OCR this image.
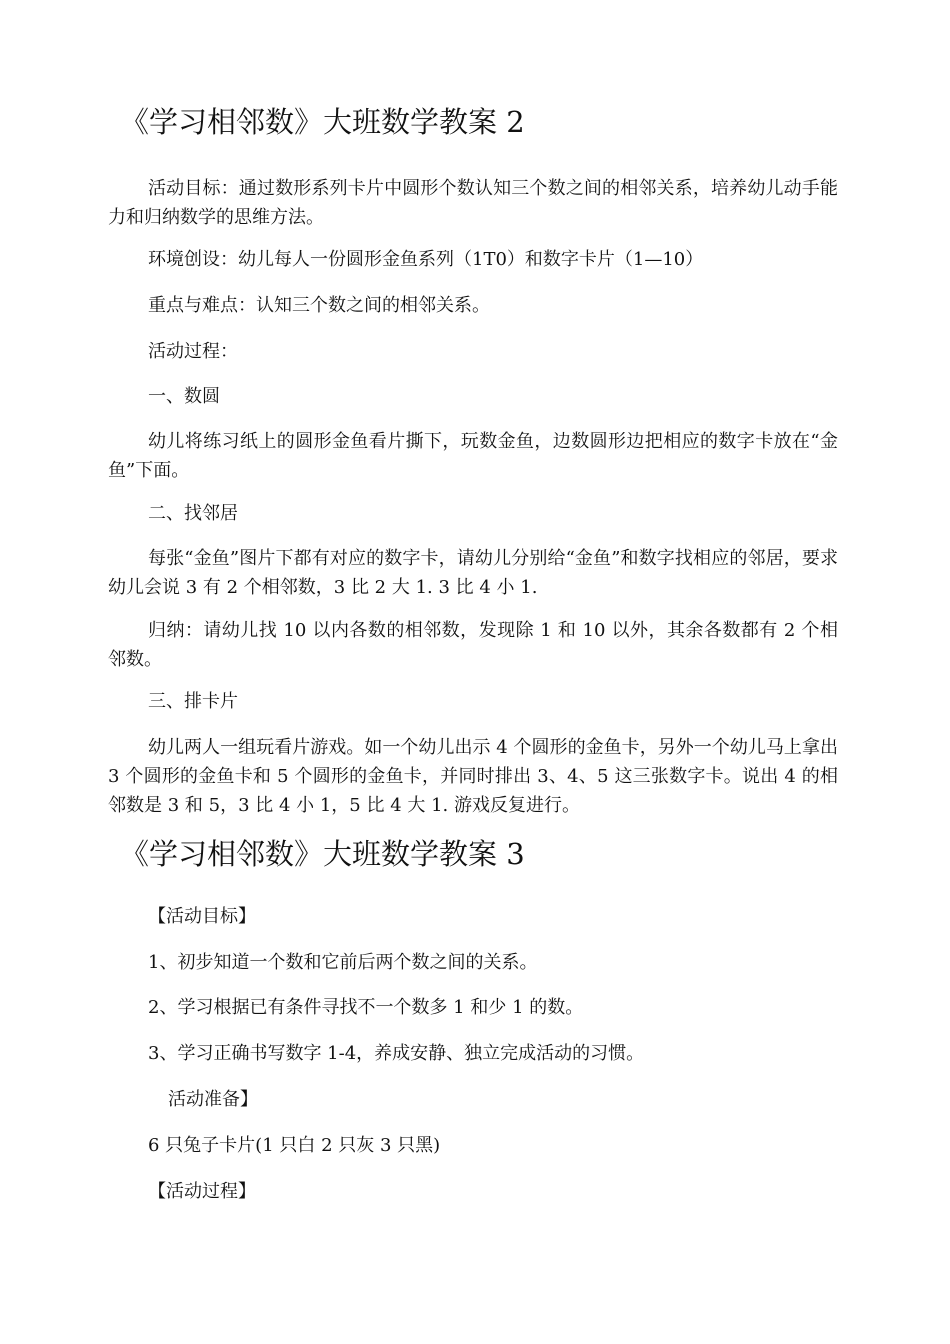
《学习相邻数》大班数学教案 2
活动目标：通过数形系列卡片中圆形个数认知三个数之间的相邻关系，培养幼儿动手能力和归纳数学的思维方法。
环境创设：幼儿每人一份圆形金鱼系列（1T0）和数字卡片（1—10）
重点与难点：认知三个数之间的相邻关系。
活动过程：
一、数圆
幼儿将练习纸上的圆形金鱼看片撕下，玩数金鱼，边数圆形边把相应的数字卡放在“金鱼”下面。
二、找邻居
每张“金鱼”图片下都有对应的数字卡，请幼儿分别给“金鱼”和数字找相应的邻居，要求幼儿会说 3 有 2 个相邻数，3 比 2 大 1. 3 比 4 小 1.
归纳：请幼儿找 10 以内各数的相邻数，发现除 1 和 10 以外，其余各数都有 2 个相邻数。
三、排卡片
幼儿两人一组玩看片游戏。如一个幼儿出示 4 个圆形的金鱼卡，另外一个幼儿马上拿出 3 个圆形的金鱼卡和 5 个圆形的金鱼卡，并同时排出 3、4、5 这三张数字卡。说出 4 的相邻数是 3 和 5，3 比 4 小 1，5 比 4 大 1. 游戏反复进行。
《学习相邻数》大班数学教案 3
【活动目标】
1、初步知道一个数和它前后两个数之间的关系。
2、学习根据已有条件寻找不一个数多 1 和少 1 的数。
3、学习正确书写数字 1-4，养成安静、独立完成活动的习惯。
活动准备】
6 只兔子卡片(1 只白 2 只灰 3 只黑)
【活动过程】
